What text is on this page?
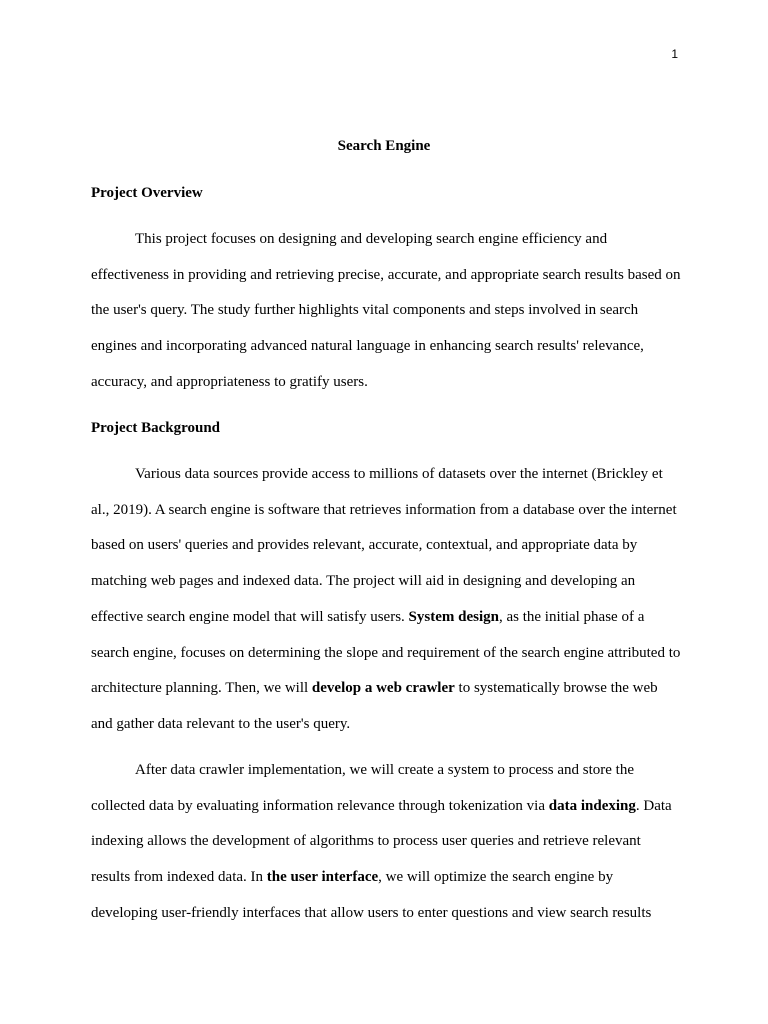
1
Search Engine
Project Overview

This project focuses on designing and developing search engine efficiency and effectiveness in providing and retrieving precise, accurate, and appropriate search results based on the user's query. The study further highlights vital components and steps involved in search engines and incorporating advanced natural language in enhancing search results' relevance, accuracy, and appropriateness to gratify users.

Project Background

Various data sources provide access to millions of datasets over the internet (Brickley et al., 2019). A search engine is software that retrieves information from a database over the internet based on users' queries and provides relevant, accurate, contextual, and appropriate data by matching web pages and indexed data. The project will aid in designing and developing an effective search engine model that will satisfy users. System design, as the initial phase of a search engine, focuses on determining the slope and requirement of the search engine attributed to architecture planning. Then, we will develop a web crawler to systematically browse the web and gather data relevant to the user's query.

After data crawler implementation, we will create a system to process and store the collected data by evaluating information relevance through tokenization via data indexing. Data indexing allows the development of algorithms to process user queries and retrieve relevant results from indexed data. In the user interface, we will optimize the search engine by developing user-friendly interfaces that allow users to enter questions and view search results
